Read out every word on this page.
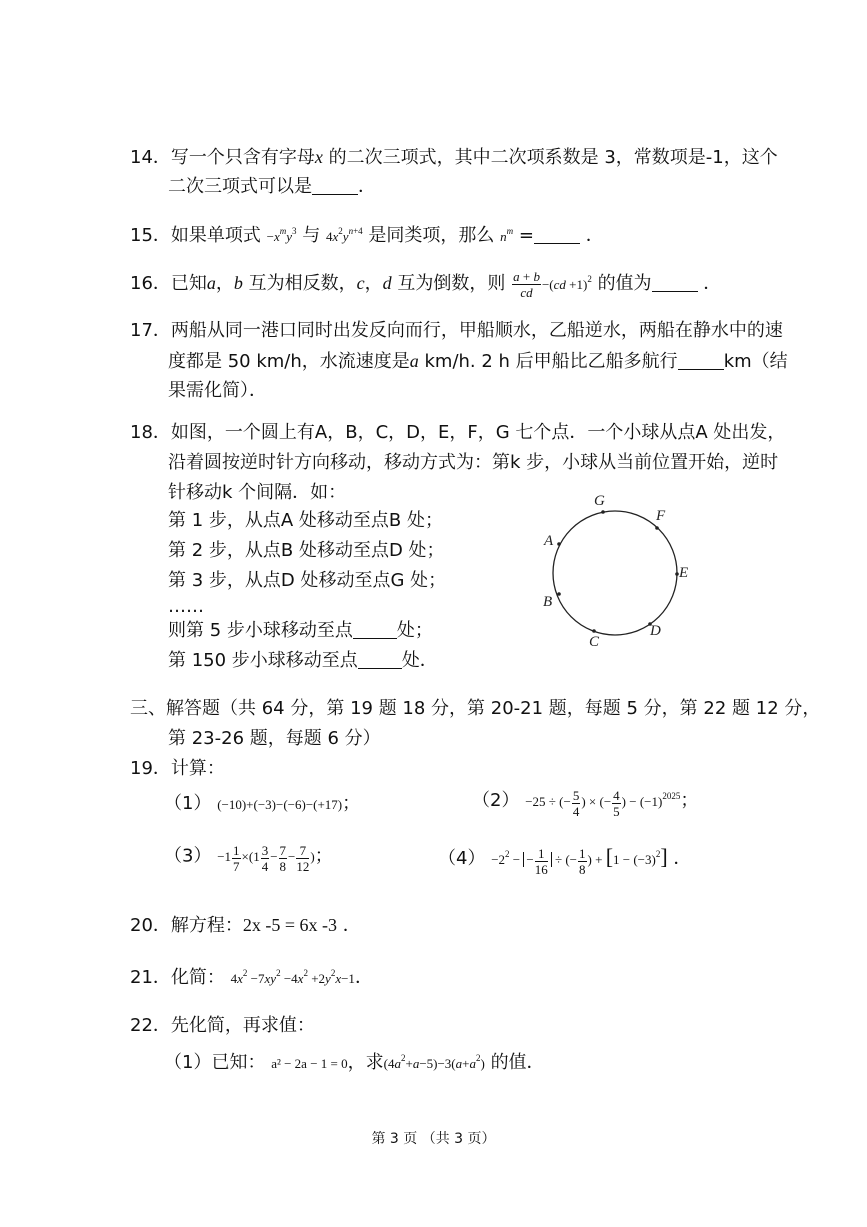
14．写一个只含有字母x 的二次三项式，其中二次项系数是 3，常数项是-1，这个
二次三项式可以是	．
15．如果单项式 $-x^my^3$ 与 $4x^2y^{n+4}$ 是同类项，那么 $n^m$ =	．
16．已知a，b 互为相反数，c，d 互为倒数，则 $\frac{a + b}{cd} -(cd +1)^2$ 的值为	．
17．两船从同一港口同时出发反向而行，甲船顺水，乙船逆水，两船在静水中的速
度都是 50 km/h，水流速度是a km/h. 2 h 后甲船比乙船多航行	km（结
果需化简）．
18．如图，一个圆上有A，B，C，D，E，F，G 七个点．一个小球从点A 处出发，
沿着圆按逆时针方向移动，移动方式为：第k 步，小球从当前位置开始，逆时
针移动k 个间隔．如：
第 1 步，从点A 处移动至点B 处；
第 2 步，从点B 处移动至点D 处；
第 3 步，从点D 处移动至点G 处；
……
则第 5 步小球移动至点 处；
第 150 步小球移动至点 处．
G
F
E
D
C
B
A
三、解答题（共 64 分，第 19 题 18 分，第 20-21 题，每题 5 分，第 22 题 12 分，
第 23-26 题，每题 6 分）
19．计算：
（1） (−10)+(−3)−(−6)−(+17)；	（2） −25 ÷ (− $\frac{5}{4}$ ) × (− $\frac{4}{5}$ ) − $(-1)^{2025}$；
$(3) -1 \frac{1}{7} \times(1 \frac{3}{4} - \frac{7}{8} - \frac{7}{12}$ )；	$(4) -2^2$ − − $\frac{1}{16}$ ÷ (− $\frac{1}{8}$ ) + $[1 - (-3)^2]$ ．
20．解方程：2x -5 = 6x -3 ．
21．化简： $4x^2 -7xy^2 -4x^2 +2y^2x-1$．
22．先化简，再求值：
（1）已知： a² − 2a − 1 = 0，求$(4a^2+a-5)-3(a+a^2)$ 的值．
第 3 页 （共 3 页）
